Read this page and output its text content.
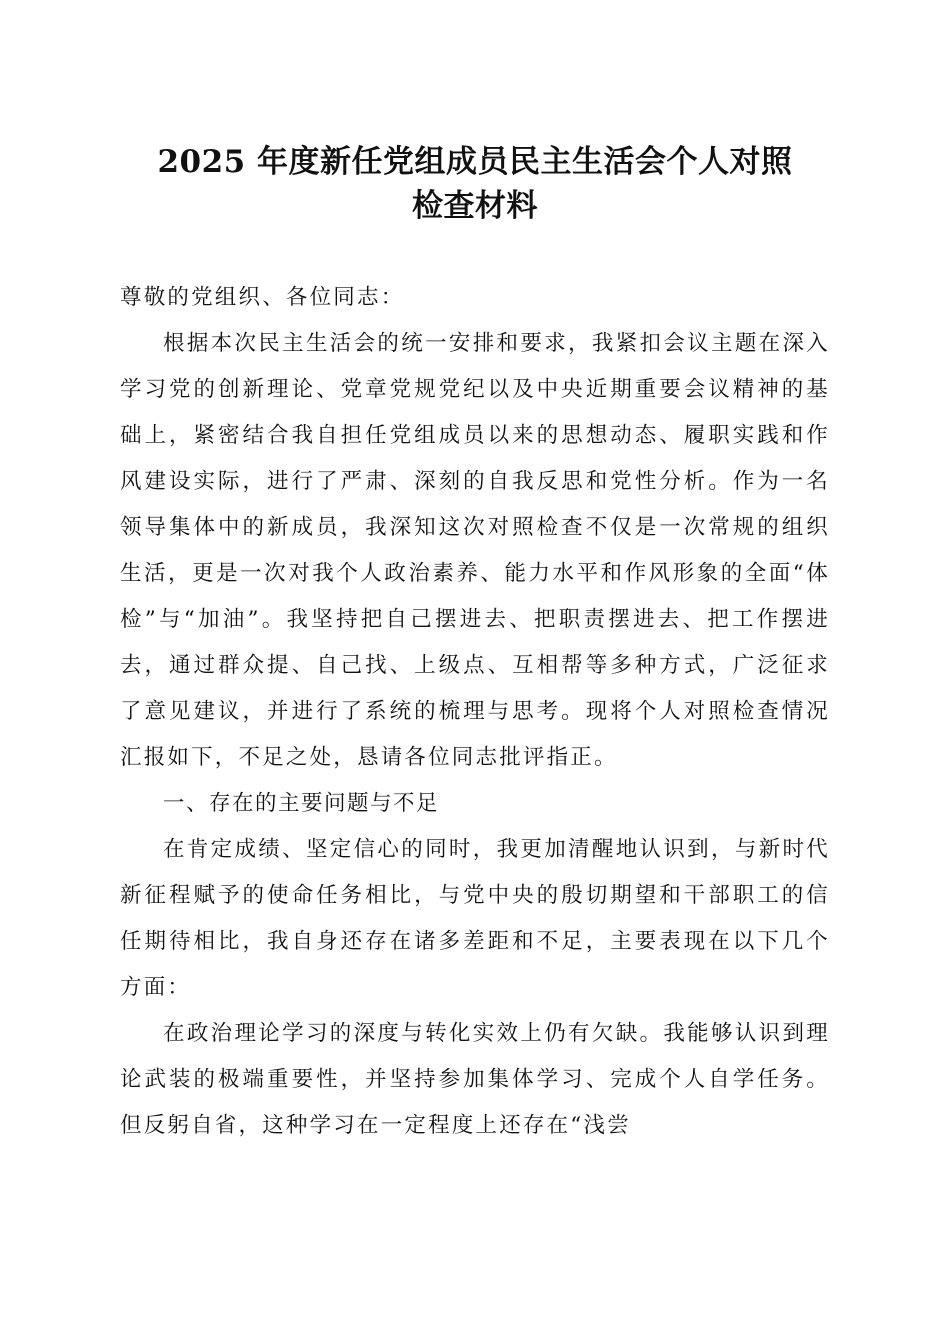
2025 年度新任党组成员民主生活会个人对照
检查材料

尊敬的党组织、各位同志：

根据本次民主生活会的统一安排和要求，我紧扣会议主题在深入学习党的创新理论、党章党规党纪以及中央近期重要会议精神的基础上，紧密结合我自担任党组成员以来的思想动态、履职实践和作风建设实际，进行了严肃、深刻的自我反思和党性分析。作为一名领导集体中的新成员，我深知这次对照检查不仅是一次常规的组织生活，更是一次对我个人政治素养、能力水平和作风形象的全面“体检”与“加油”。我坚持把自己摆进去、把职责摆进去、把工作摆进去，通过群众提、自己找、上级点、互相帮等多种方式，广泛征求了意见建议，并进行了系统的梳理与思考。现将个人对照检查情况汇报如下，不足之处，恳请各位同志批评指正。

一、存在的主要问题与不足

在肯定成绩、坚定信心的同时，我更加清醒地认识到，与新时代新征程赋予的使命任务相比，与党中央的殷切期望和干部职工的信任期待相比，我自身还存在诸多差距和不足，主要表现在以下几个方面：

在政治理论学习的深度与转化实效上仍有欠缺。我能够认识到理论武装的极端重要性，并坚持参加集体学习、完成个人自学任务。但反躬自省，这种学习在一定程度上还存在“浅尝
